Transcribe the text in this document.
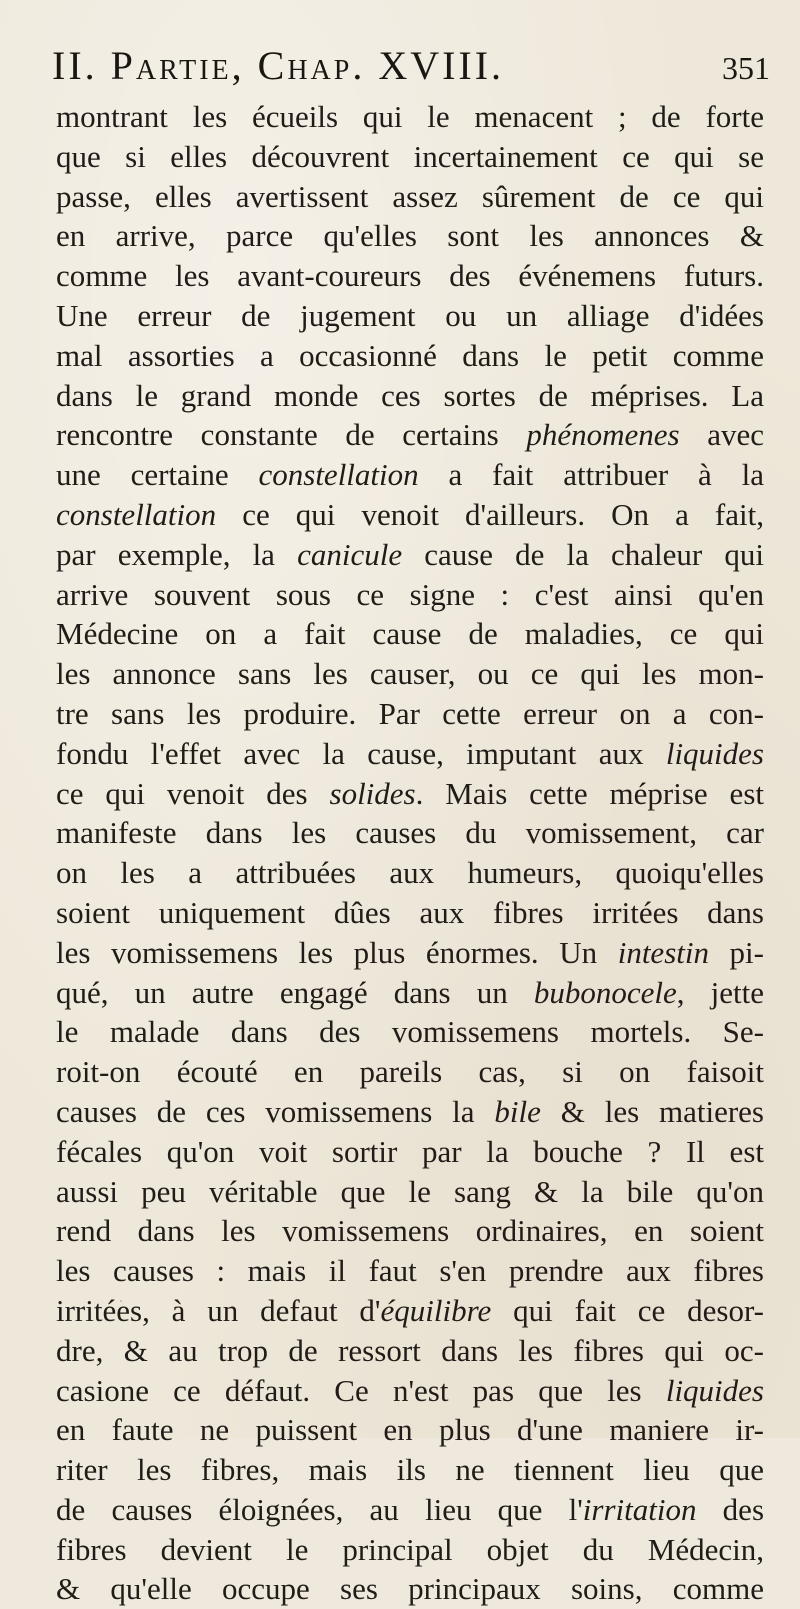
II. Partie, Chap. XVIII.	351
montrant les écueils qui le menacent ; de forte
que si elles découvrent incertainement ce qui se
passe, elles avertissent assez sûrement de ce qui
en arrive, parce qu'elles sont les annonces &
comme les avant-coureurs des événemens futurs.
Une erreur de jugement ou un alliage d'idées
mal assorties a occasionné dans le petit comme
dans le grand monde ces sortes de méprises. La
rencontre constante de certains phénomenes avec
une certaine constellation a fait attribuer à la
constellation ce qui venoit d'ailleurs. On a fait,
par exemple, la canicule cause de la chaleur qui
arrive souvent sous ce signe : c'est ainsi qu'en
Médecine on a fait cause de maladies, ce qui
les annonce sans les causer, ou ce qui les mon-
tre sans les produire. Par cette erreur on a con-
fondu l'effet avec la cause, imputant aux liquides
ce qui venoit des solides. Mais cette méprise est
manifeste dans les causes du vomissement, car
on les a attribuées aux humeurs, quoiqu'elles
soient uniquement dûes aux fibres irritées dans
les vomissemens les plus énormes. Un intestin pi-
qué, un autre engagé dans un bubonocele, jette
le malade dans des vomissemens mortels. Se-
roit-on écouté en pareils cas, si on faisoit
causes de ces vomissemens la bile & les matieres
fécales qu'on voit sortir par la bouche ? Il est
aussi peu véritable que le sang & la bile qu'on
rend dans les vomissemens ordinaires, en soient
les causes : mais il faut s'en prendre aux fibres
irritées, à un defaut d'équilibre qui fait ce desor-
dre, & au trop de ressort dans les fibres qui oc-
casione ce défaut. Ce n'est pas que les liquides
en faute ne puissent en plus d'une maniere ir-
riter les fibres, mais ils ne tiennent lieu que
de causes éloignées, au lieu que l'irritation des
fibres devient le principal objet du Médecin,
& qu'elle occupe ses principaux soins, comme
